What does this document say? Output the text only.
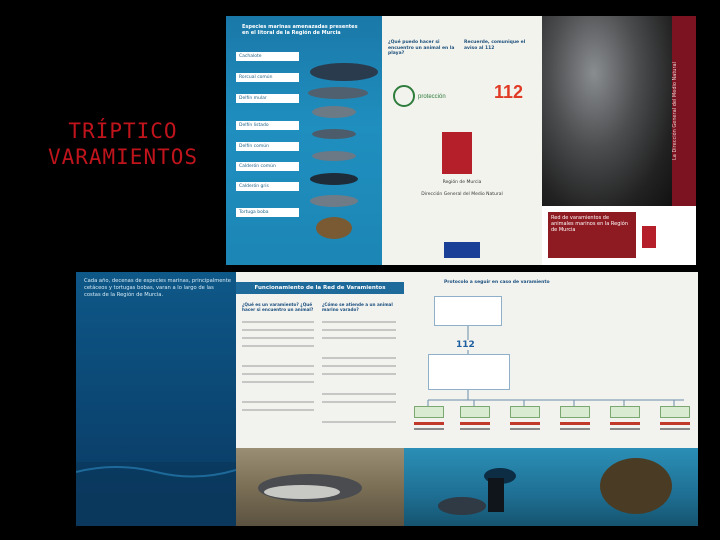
TRÍPTICO
VARAMIENTOS
Especies marinas amenazadas presentes en el litoral de la Región de Murcia
Cachalote
Rorcual común
Delfín mular
Delfín listado
Delfín común
Calderón común
Calderón gris
Tortuga boba
¿Qué puedo hacer si encuentro un animal en la playa?
Recuerde, comunique el aviso al 112
protección	112
Región de Murcia
Dirección General del Medio Natural
La Dirección General del Medio Natural
Red de varamientos de animales marinos en la Región de Murcia
Cada año, decenas de especies marinas, principalmente cetáceos y tortugas bobas, varan a lo largo de las costas de la Región de Murcia.
Funcionamiento de la Red de Varamientos
¿Qué es un varamiento? ¿Qué hacer si encuentro un animal?
¿Cómo se atiende a un animal marino varado?
Protocolo a seguir en caso de varamiento
112
